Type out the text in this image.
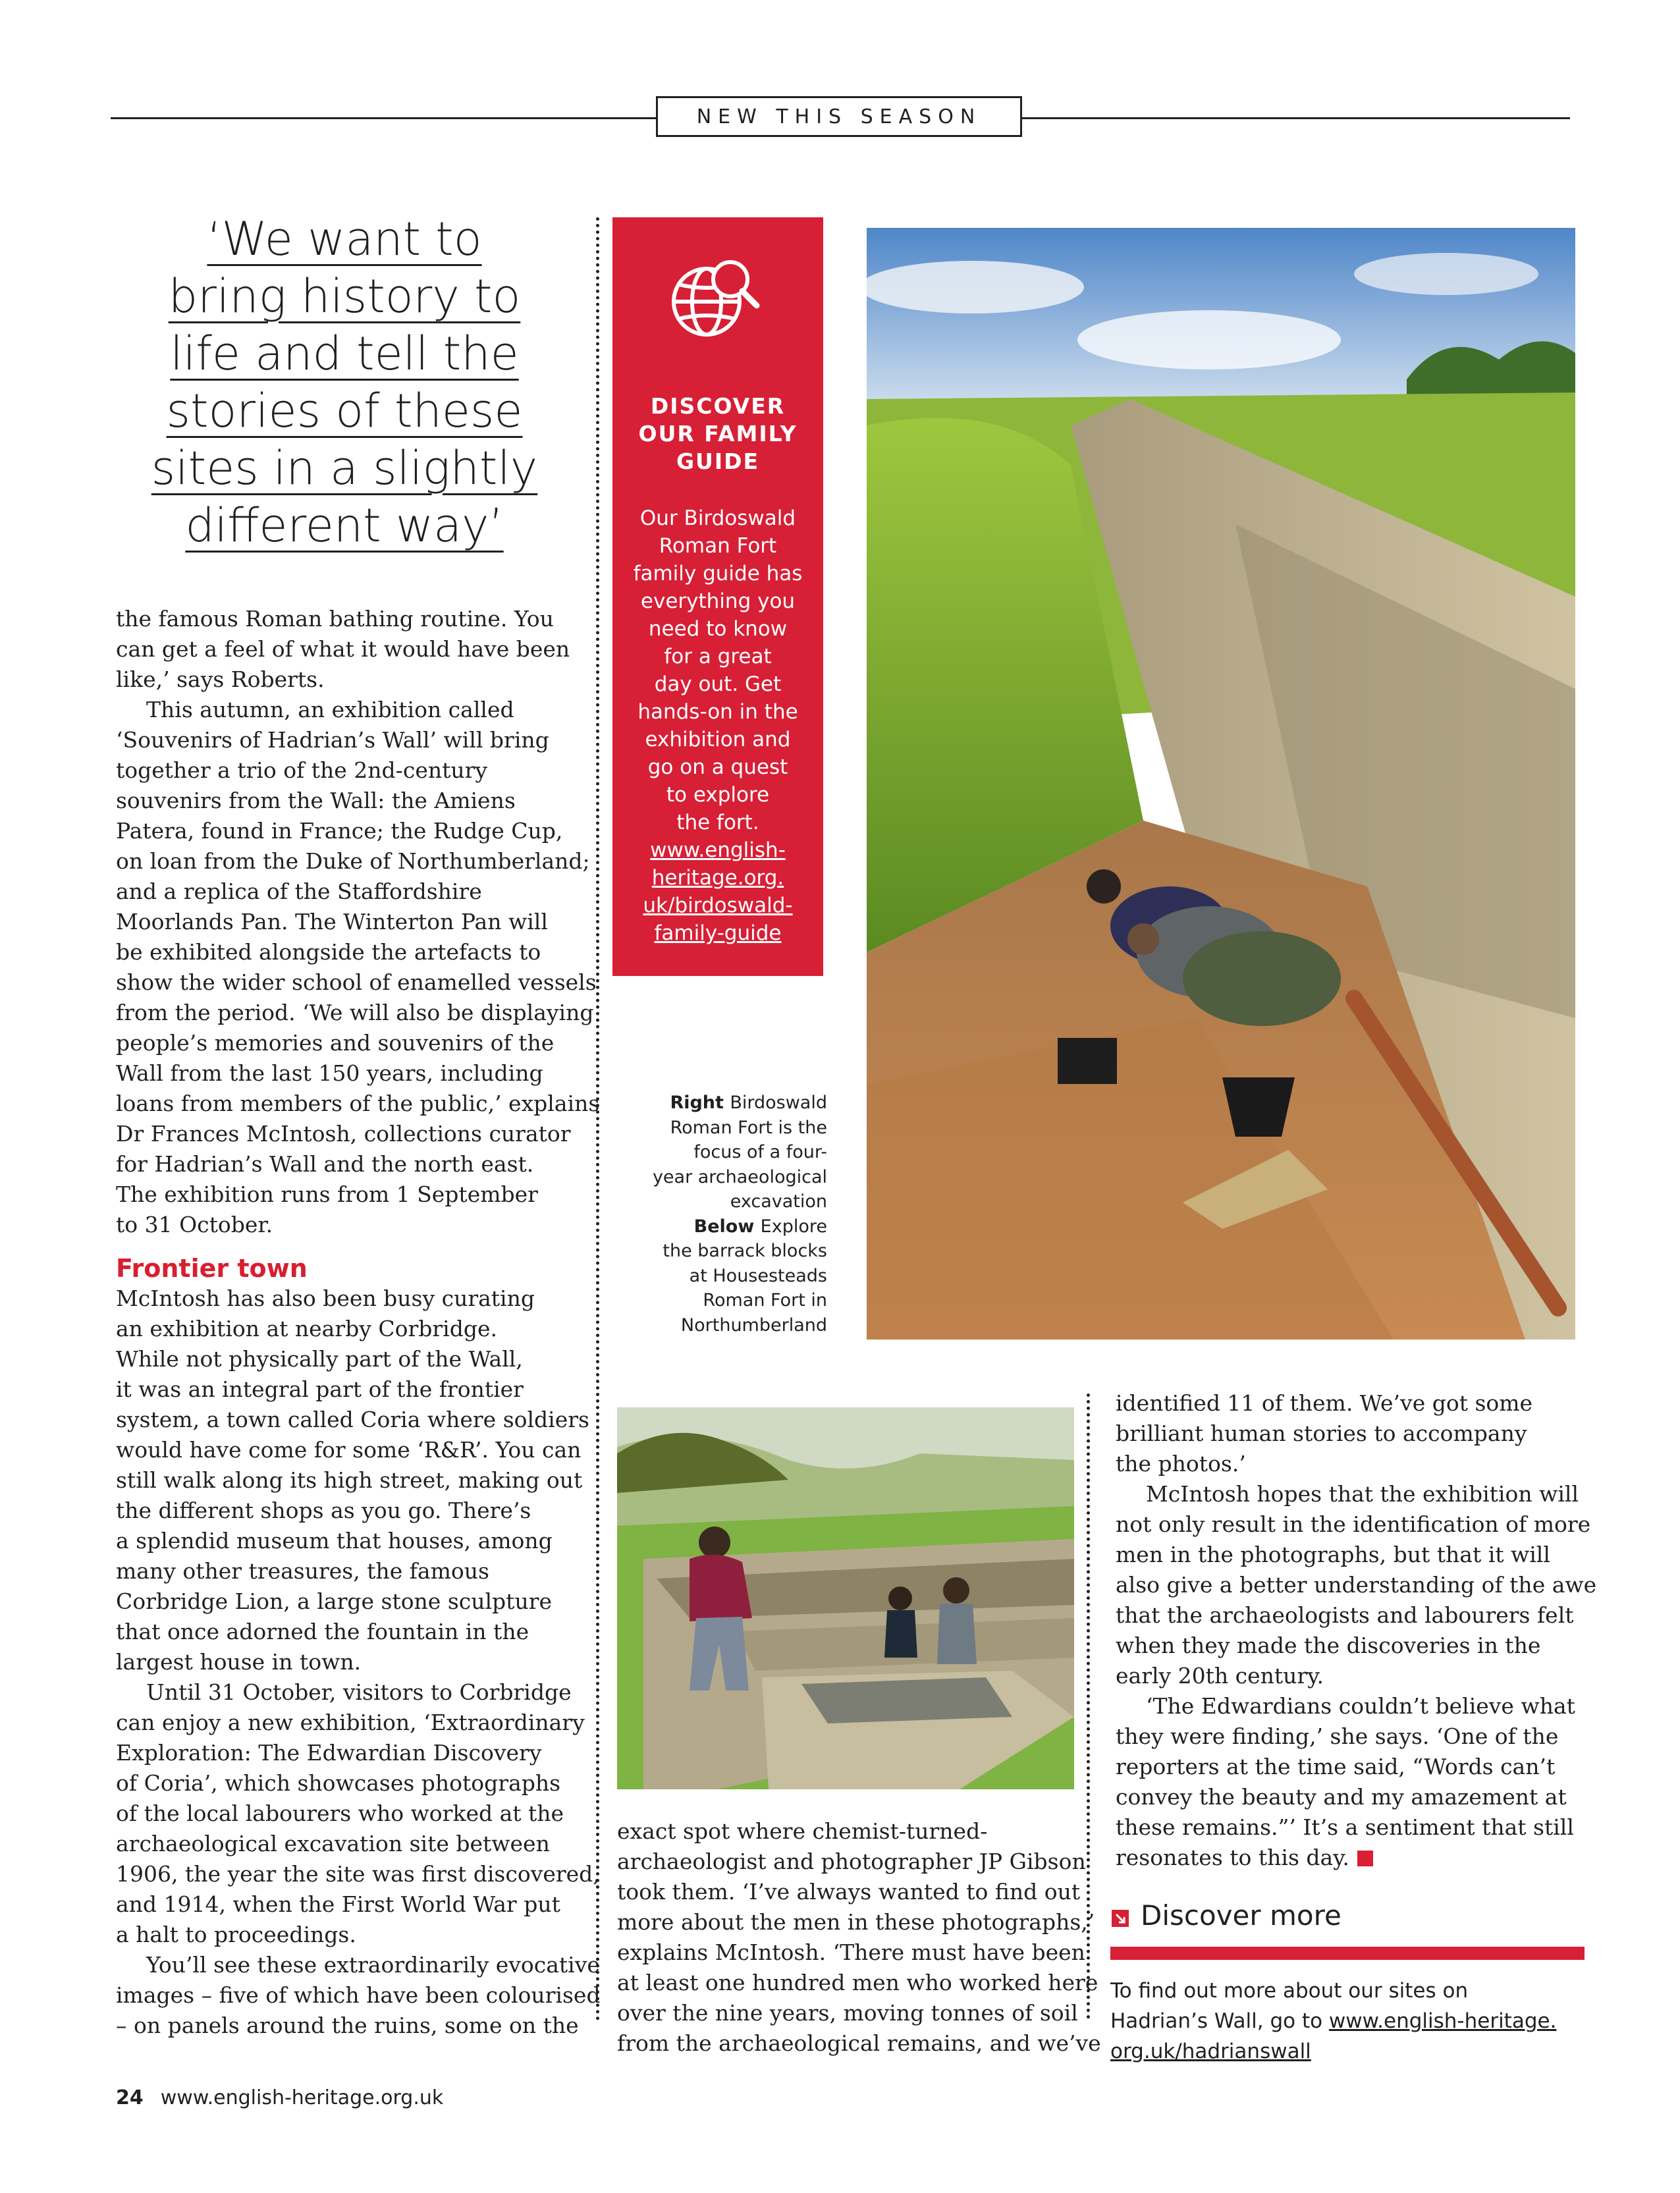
NEW THIS SEASON
‘We want to
bring history to
life and tell the
stories of these
sites in a slightly
different way’
the famous Roman bathing routine. You
can get a feel of what it would have been
like,’ says Roberts.
This autumn, an exhibition called
‘Souvenirs of Hadrian’s Wall’ will bring
together a trio of the 2nd-century
souvenirs from the Wall: the Amiens
Patera, found in France; the Rudge Cup,
on loan from the Duke of Northumberland;
and a replica of the Staffordshire
Moorlands Pan. The Winterton Pan will
be exhibited alongside the artefacts to
show the wider school of enamelled vessels
from the period. ‘We will also be displaying
people’s memories and souvenirs of the
Wall from the last 150 years, including
loans from members of the public,’ explains
Dr Frances McIntosh, collections curator
for Hadrian’s Wall and the north east.
The exhibition runs from 1 September
to 31 October.
Frontier town
McIntosh has also been busy curating
an exhibition at nearby Corbridge.
While not physically part of the Wall,
it was an integral part of the frontier
system, a town called Coria where soldiers
would have come for some ‘R&R’. You can
still walk along its high street, making out
the different shops as you go. There’s
a splendid museum that houses, among
many other treasures, the famous
Corbridge Lion, a large stone sculpture
that once adorned the fountain in the
largest house in town.
Until 31 October, visitors to Corbridge
can enjoy a new exhibition, ‘Extraordinary
Exploration: The Edwardian Discovery
of Coria’, which showcases photographs
of the local labourers who worked at the
archaeological excavation site between
1906, the year the site was first discovered,
and 1914, when the First World War put
a halt to proceedings.
You’ll see these extraordinarily evocative
images – five of which have been colourised
– on panels around the ruins, some on the
DISCOVER
OUR FAMILY
GUIDE
Our Birdoswald
Roman Fort
family guide has
everything you
need to know
for a great
day out. Get
hands-on in the
exhibition and
go on a quest
to explore
the fort.
www.english-
heritage.org.
uk/birdoswald-
family-guide
Right Birdoswald
Roman Fort is the
focus of a four-
year archaeological
excavation
Below Explore
the barrack blocks
at Housesteads
Roman Fort in
Northumberland
exact spot where chemist-turned-
archaeologist and photographer JP Gibson
took them. ‘I’ve always wanted to find out
more about the men in these photographs,’
explains McIntosh. ‘There must have been
at least one hundred men who worked here
over the nine years, moving tonnes of soil
from the archaeological remains, and we’ve
identified 11 of them. We’ve got some
brilliant human stories to accompany
the photos.’
McIntosh hopes that the exhibition will
not only result in the identification of more
men in the photographs, but that it will
also give a better understanding of the awe
that the archaeologists and labourers felt
when they made the discoveries in the
early 20th century.
‘The Edwardians couldn’t believe what
they were finding,’ she says. ‘One of the
reporters at the time said, “Words can’t
convey the beauty and my amazement at
these remains.”’ It’s a sentiment that still
resonates to this day.
Discover more
To find out more about our sites on
Hadrian’s Wall, go to www.english-heritage.
org.uk/hadrianswall
24 www.english-heritage.org.uk
